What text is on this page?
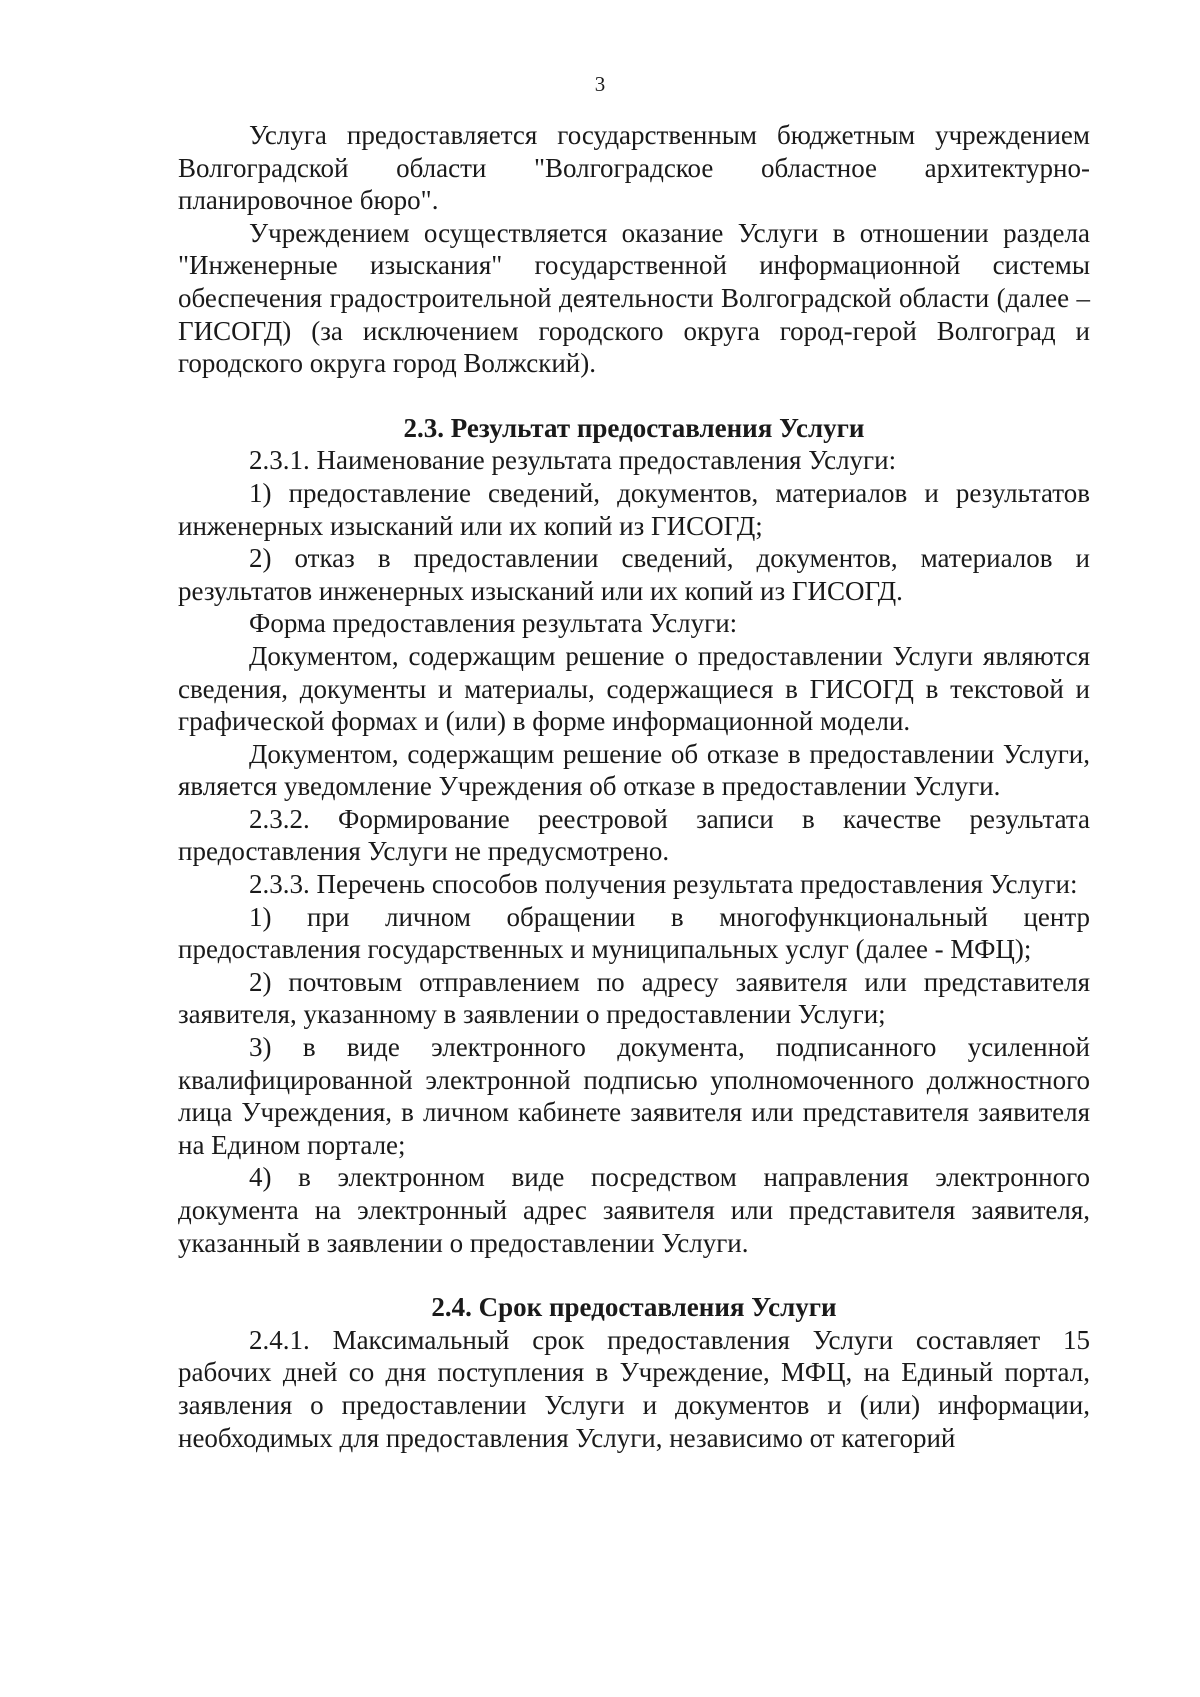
3

Услуга предоставляется государственным бюджетным учреждением Волгоградской области "Волгоградское областное архитектурно-планировочное бюро".

Учреждением осуществляется оказание Услуги в отношении раздела "Инженерные изыскания" государственной информационной системы обеспечения градостроительной деятельности Волгоградской области (далее – ГИСОГД) (за исключением городского округа город-герой Волгоград и городского округа город Волжский).

2.3. Результат предоставления Услуги

2.3.1. Наименование результата предоставления Услуги:

1) предоставление сведений, документов, материалов и результатов инженерных изысканий или их копий из ГИСОГД;

2) отказ в предоставлении сведений, документов, материалов и результатов инженерных изысканий или их копий из ГИСОГД.

Форма предоставления результата Услуги:

Документом, содержащим решение о предоставлении Услуги являются сведения, документы и материалы, содержащиеся в ГИСОГД в текстовой и графической формах и (или) в форме информационной модели.

Документом, содержащим решение об отказе в предоставлении Услуги, является уведомление Учреждения об отказе в предоставлении Услуги.

2.3.2. Формирование реестровой записи в качестве результата предоставления Услуги не предусмотрено.

2.3.3. Перечень способов получения результата предоставления Услуги:

1) при личном обращении в многофункциональный центр предоставления государственных и муниципальных услуг (далее - МФЦ);

2) почтовым отправлением по адресу заявителя или представителя заявителя, указанному в заявлении о предоставлении Услуги;

3) в виде электронного документа, подписанного усиленной квалифицированной электронной подписью уполномоченного должностного лица Учреждения, в личном кабинете заявителя или представителя заявителя на Едином портале;

4) в электронном виде посредством направления электронного документа на электронный адрес заявителя или представителя заявителя, указанный в заявлении о предоставлении Услуги.

2.4. Срок предоставления Услуги

2.4.1. Максимальный срок предоставления Услуги составляет 15 рабочих дней со дня поступления в Учреждение, МФЦ, на Единый портал, заявления о предоставлении Услуги и документов и (или) информации, необходимых для предоставления Услуги, независимо от категорий
